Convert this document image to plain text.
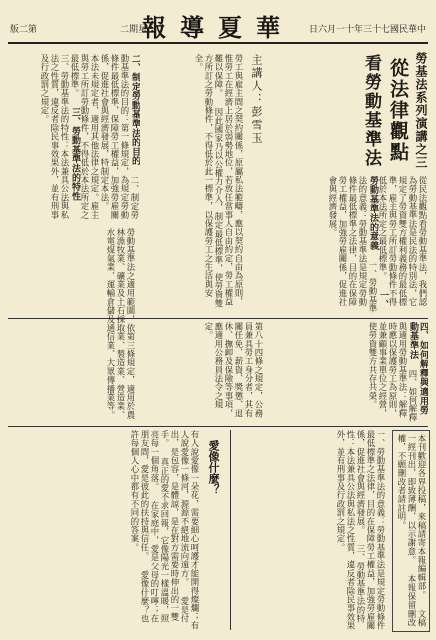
版二第	二期星
報導夏華	日六月一十年三十七國民華中
勞基法系列演講之三
從法律觀點
看勞動基準法
主講人：彭雪玉
從民法觀點看勞動基準法，我們認為勞動基準法是民法的特別法，它規定了勞資雙方權利義務的最低標準，雇主與勞工所訂勞動條件不得低於本法所定之最低標準。 一、勞動基準法的意義 一、勞動基準法的意義：勞動基準法是規定勞動條件最低標準之法律，目的在保障勞工權益，加強勞雇關係，促進社會與經濟發展。
勞工與雇主間之契約關係，原屬私法範疇，應以契約自由為原則，惟勞工在經濟上居於弱勢地位，若放任當事人自由約定，勞工權益難以保障。 因此國家乃以公權力介入，制定最低標準，使勞資雙方所訂之勞動條件，不得低於此一標準，以保護勞工之生活與安全。
二、制定勞動基準法的目的 二、制定勞動基準法的目的：第一條規定，為規定勞動條件最低標準，保障勞工權益，加強勞雇關係，促進社會與經濟發展，特制定本法。 本法未規定者，適用其他法律之規定。雇主與勞工所訂勞動條件，不得低於本法所定之最低標準。 三、勞動基準法的特性 三、勞動基準法的特性：本法兼具公法與私法之性質，違反者除民事效果外，並有刑事及行政罰之規定。
四、如何解釋與適用勞動基準法 四、如何解釋與適用勞動基準法：解釋時應以保護勞工為原則，並兼顧事業單位之經營，使勞資雙方共存共榮。
第八十四條之規定，公務員兼具勞工身分者，其有關任免、薪資、獎懲、退休、撫卹及保險等事項，應適用公務員法令之規定。
勞動基準法之適用範圍，依第三條規定，適用於農林漁牧業、礦業及土石採取業、製造業、營造業、水電煤氣業、運輸倉儲及通信業、大眾傳播業等。
一、勞動基準法的意義：勞動基準法是規定勞動條件最低標準之法律，目的在保障勞工權益，加強勞雇關係，促進社會與經濟發展。 三、勞動基準法的特性：本法兼具公法與私法之性質，違反者除民事效果外，並有刑事及行政罰之規定。	本刊歡迎各界投稿，來稿請寄本報編輯部。 文稿一經刊出，即致薄酬，以示謝意。 本報保留刪改權，不願刪改者請註明。
愛像什麼？
有人說愛像一朵花，需要細心呵護才能開得燦爛；有人說愛像一條河，源源不絕地流向遠方。 愛是付出，是包容，是體諒，是在對方需要時伸出的一雙手。 真正的愛不求回報，它像陽光一樣溫暖，照亮每一個角落。 在家庭中，愛是父母的叮嚀；在朋友間，愛是彼此的扶持與信任。 愛像什麼？也許每個人心中都有不同的答案。
